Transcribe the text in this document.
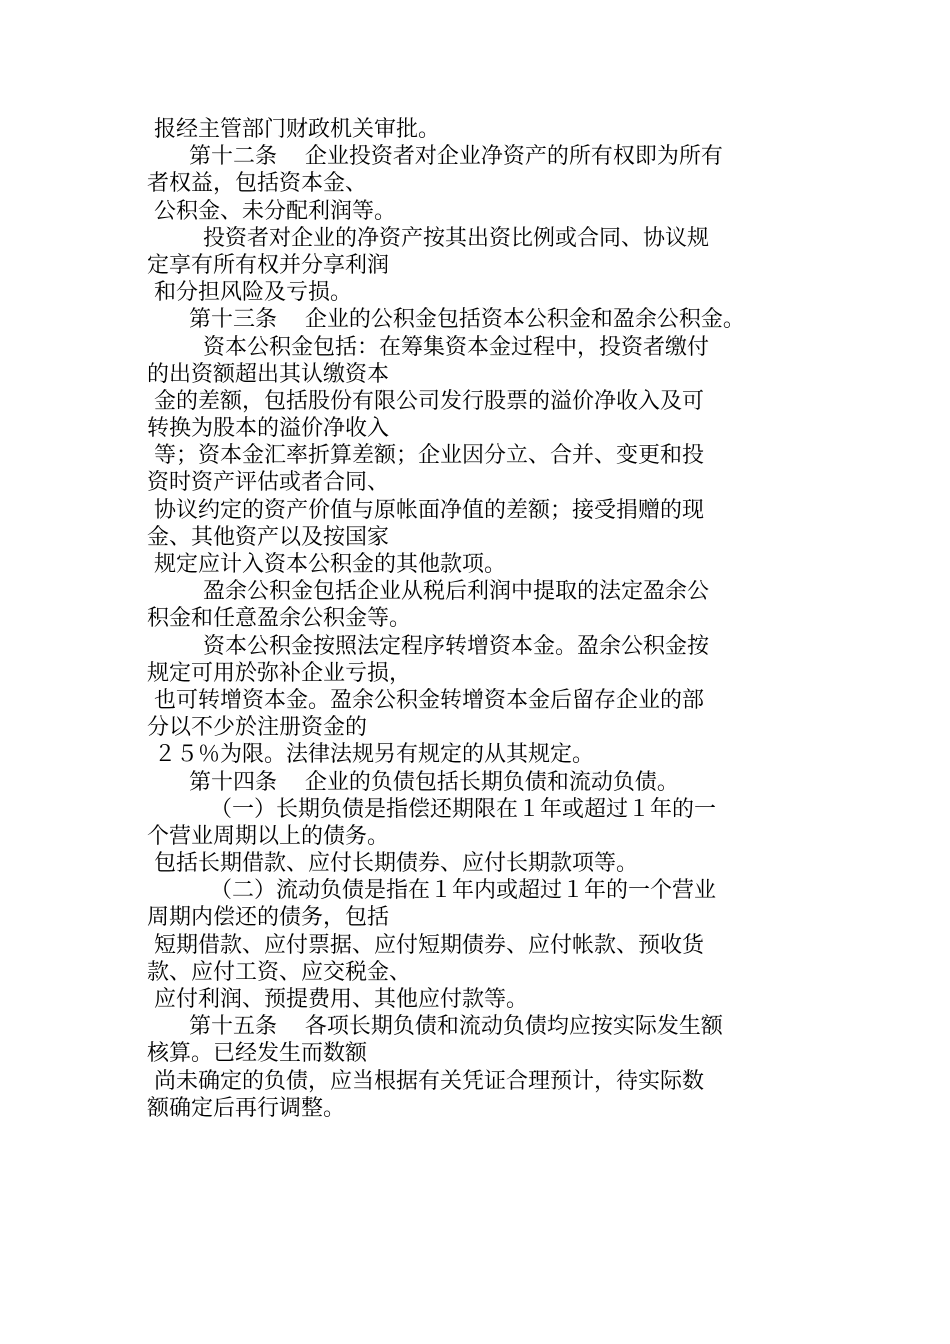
报经主管部门财政机关审批。
第十二条    企业投资者对企业净资产的所有权即为所有
者权益，包括资本金、
公积金、未分配利润等。
投资者对企业的净资产按其出资比例或合同、协议规
定享有所有权并分享利润
和分担风险及亏损。
第十三条    企业的公积金包括资本公积金和盈余公积金。
资本公积金包括：在筹集资本金过程中，投资者缴付
的出资额超出其认缴资本
金的差额，包括股份有限公司发行股票的溢价净收入及可
转换为股本的溢价净收入
等；资本金汇率折算差额；企业因分立、合并、变更和投
资时资产评估或者合同、
协议约定的资产价值与原帐面净值的差额；接受捐赠的现
金、其他资产以及按国家
规定应计入资本公积金的其他款项。
盈余公积金包括企业从税后利润中提取的法定盈余公
积金和任意盈余公积金等。
资本公积金按照法定程序转增资本金。盈余公积金按
规定可用於弥补企业亏损，
也可转增资本金。盈余公积金转增资本金后留存企业的部
分以不少於注册资金的
２５％为限。法律法规另有规定的从其规定。
第十四条    企业的负债包括长期负债和流动负债。
（一）长期负债是指偿还期限在１年或超过１年的一
个营业周期以上的债务。
包括长期借款、应付长期债券、应付长期款项等。
（二）流动负债是指在１年内或超过１年的一个营业
周期内偿还的债务，包括
短期借款、应付票据、应付短期债券、应付帐款、预收货
款、应付工资、应交税金、
应付利润、预提费用、其他应付款等。
第十五条    各项长期负债和流动负债均应按实际发生额
核算。已经发生而数额
尚未确定的负债，应当根据有关凭证合理预计，待实际数
额确定后再行调整。
